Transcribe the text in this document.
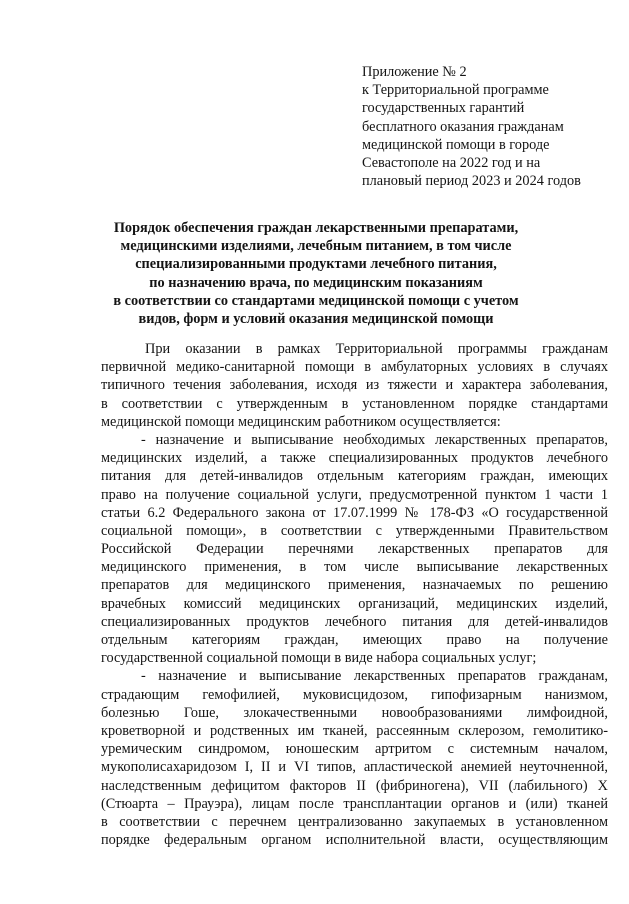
Приложение № 2
к Территориальной программе
государственных гарантий
бесплатного оказания гражданам
медицинской помощи в городе
Севастополе на 2022 год и на
плановый период 2023 и 2024 годов
Порядок обеспечения граждан лекарственными препаратами,
медицинскими изделиями, лечебным питанием, в том числе
специализированными продуктами лечебного питания,
по назначению врача, по медицинским показаниям
в соответствии со стандартами медицинской помощи с учетом
видов, форм и условий оказания медицинской помощи
При оказании в рамках Территориальной программы гражданам
первичной медико-санитарной помощи в амбулаторных условиях в случаях
типичного течения заболевания, исходя из тяжести и характера заболевания,
в соответствии с утвержденным в установленном порядке стандартами
медицинской помощи медицинским работником осуществляется:
- назначение и выписывание необходимых лекарственных препаратов,
медицинских изделий, а также специализированных продуктов лечебного
питания для детей-инвалидов отдельным категориям граждан, имеющих
право на получение социальной услуги, предусмотренной пунктом 1 части 1
статьи 6.2 Федерального закона от 17.07.1999 № 178-ФЗ «О государственной
социальной помощи», в соответствии с утвержденными Правительством
Российской Федерации перечнями лекарственных препаратов для
медицинского применения, в том числе выписывание лекарственных
препаратов для медицинского применения, назначаемых по решению
врачебных комиссий медицинских организаций, медицинских изделий,
специализированных продуктов лечебного питания для детей-инвалидов
отдельным категориям граждан, имеющих право на получение
государственной социальной помощи в виде набора социальных услуг;
- назначение и выписывание лекарственных препаратов гражданам,
страдающим гемофилией, муковисцидозом, гипофизарным нанизмом,
болезнью Гоше, злокачественными новообразованиями лимфоидной,
кроветворной и родственных им тканей, рассеянным склерозом, гемолитико-
уремическим синдромом, юношеским артритом с системным началом,
мукополисахаридозом I, II и VI типов, апластической анемией неуточненной,
наследственным дефицитом факторов II (фибриногена), VII (лабильного) X
(Стюарта – Прауэра), лицам после трансплантации органов и (или) тканей
в соответствии с перечнем централизованно закупаемых в установленном
порядке федеральным органом исполнительной власти, осуществляющим
